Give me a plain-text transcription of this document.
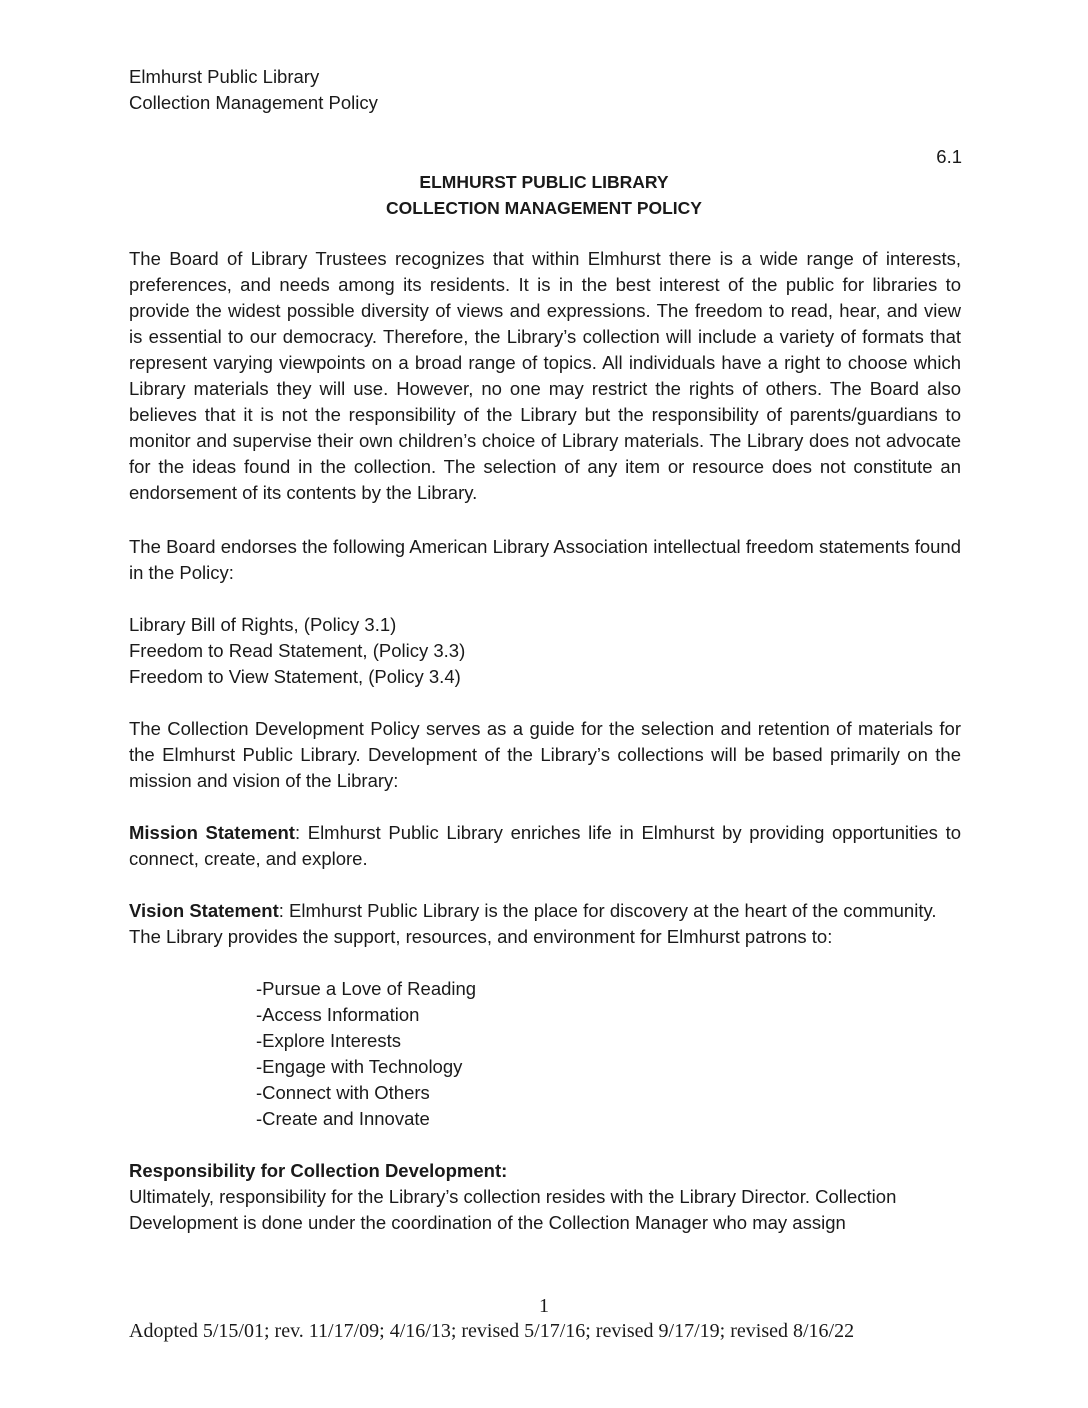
Elmhurst Public Library
Collection Management Policy
6.1
ELMHURST PUBLIC LIBRARY
COLLECTION MANAGEMENT POLICY
The Board of Library Trustees recognizes that within Elmhurst there is a wide range of interests, preferences, and needs among its residents. It is in the best interest of the public for libraries to provide the widest possible diversity of views and expressions. The freedom to read, hear, and view is essential to our democracy. Therefore, the Library’s collection will include a variety of formats that represent varying viewpoints on a broad range of topics. All individuals have a right to choose which Library materials they will use. However, no one may restrict the rights of others. The Board also believes that it is not the responsibility of the Library but the responsibility of parents/guardians to monitor and supervise their own children’s choice of Library materials. The Library does not advocate for the ideas found in the collection. The selection of any item or resource does not constitute an endorsement of its contents by the Library.
The Board endorses the following American Library Association intellectual freedom statements found in the Policy:
Library Bill of Rights, (Policy 3.1)
Freedom to Read Statement, (Policy 3.3)
Freedom to View Statement, (Policy 3.4)
The Collection Development Policy serves as a guide for the selection and retention of materials for the Elmhurst Public Library. Development of the Library’s collections will be based primarily on the mission and vision of the Library:
Mission Statement: Elmhurst Public Library enriches life in Elmhurst by providing opportunities to connect, create, and explore.
Vision Statement: Elmhurst Public Library is the place for discovery at the heart of the community. The Library provides the support, resources, and environment for Elmhurst patrons to:
-Pursue a Love of Reading
-Access Information
-Explore Interests
-Engage with Technology
-Connect with Others
-Create and Innovate
Responsibility for Collection Development:
Ultimately, responsibility for the Library’s collection resides with the Library Director. Collection Development is done under the coordination of the Collection Manager who may assign
1
Adopted 5/15/01; rev. 11/17/09; 4/16/13; revised 5/17/16; revised 9/17/19; revised 8/16/22
